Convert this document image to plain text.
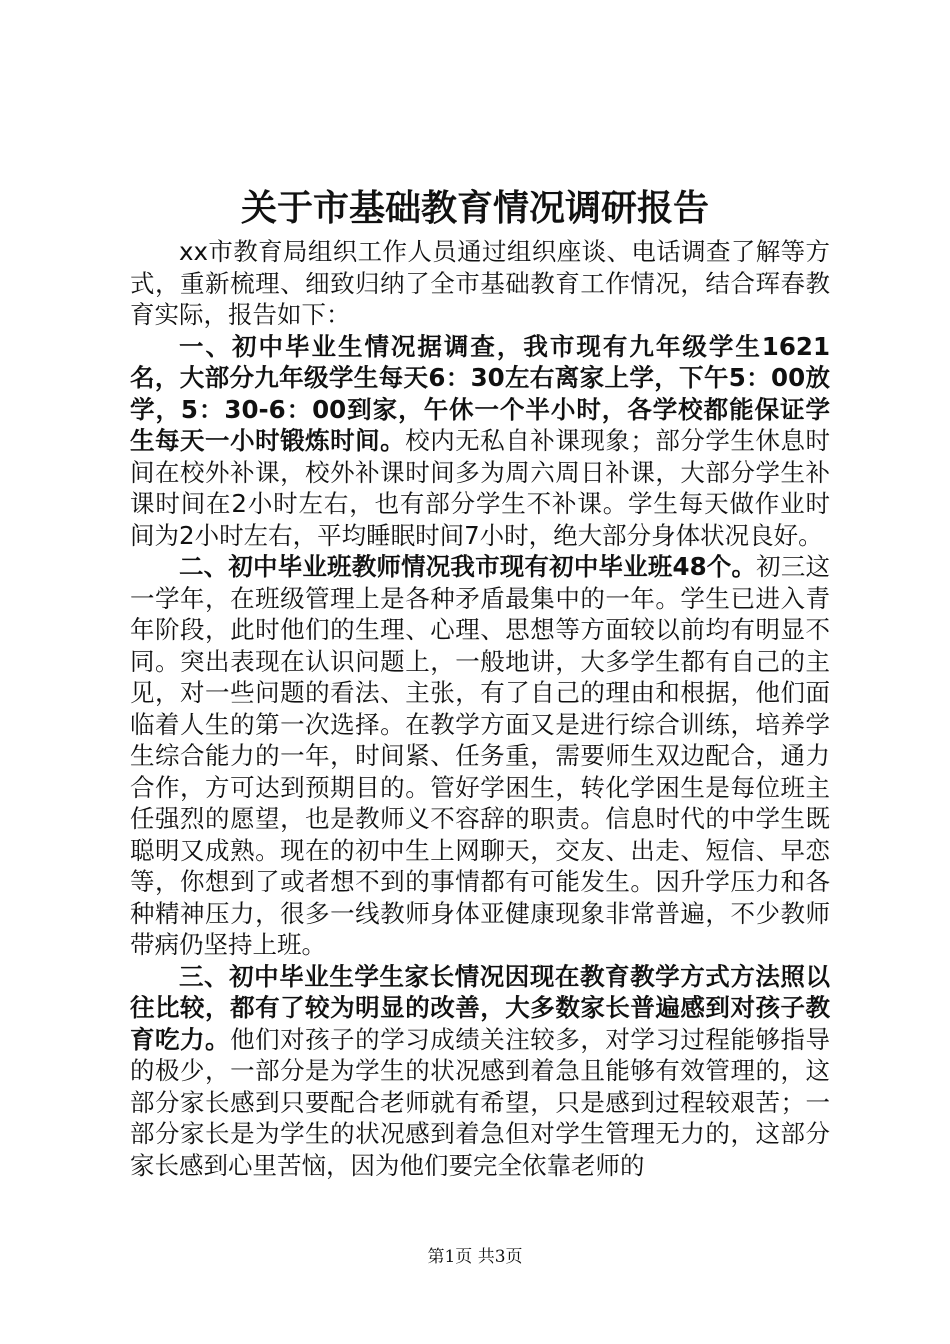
关于市基础教育情况调研报告

xx市教育局组织工作人员通过组织座谈、电话调查了解等方式，重新梳理、细致归纳了全市基础教育工作情况，结合珲春教育实际，报告如下：

一、初中毕业生情况据调查，我市现有九年级学生1621名，大部分九年级学生每天6：30左右离家上学，下午5：00放学，5：30-6：00到家，午休一个半小时，各学校都能保证学生每天一小时锻炼时间。校内无私自补课现象；部分学生休息时间在校外补课，校外补课时间多为周六周日补课，大部分学生补课时间在2小时左右，也有部分学生不补课。学生每天做作业时间为2小时左右，平均睡眠时间7小时，绝大部分身体状况良好。

二、初中毕业班教师情况我市现有初中毕业班48个。初三这一学年，在班级管理上是各种矛盾最集中的一年。学生已进入青年阶段，此时他们的生理、心理、思想等方面较以前均有明显不同。突出表现在认识问题上，一般地讲，大多学生都有自己的主见，对一些问题的看法、主张，有了自己的理由和根据，他们面临着人生的第一次选择。在教学方面又是进行综合训练，培养学生综合能力的一年，时间紧、任务重，需要师生双边配合，通力合作，方可达到预期目的。管好学困生，转化学困生是每位班主任强烈的愿望，也是教师义不容辞的职责。信息时代的中学生既聪明又成熟。现在的初中生上网聊天，交友、出走、短信、早恋等，你想到了或者想不到的事情都有可能发生。因升学压力和各种精神压力，很多一线教师身体亚健康现象非常普遍，不少教师带病仍坚持上班。

三、初中毕业生学生家长情况因现在教育教学方式方法照以往比较，都有了较为明显的改善，大多数家长普遍感到对孩子教育吃力。他们对孩子的学习成绩关注较多，对学习过程能够指导的极少，一部分是为学生的状况感到着急且能够有效管理的，这部分家长感到只要配合老师就有希望，只是感到过程较艰苦；一部分家长是为学生的状况感到着急但对学生管理无力的，这部分家长感到心里苦恼，因为他们要完全依靠老师的

第1页 共3页
